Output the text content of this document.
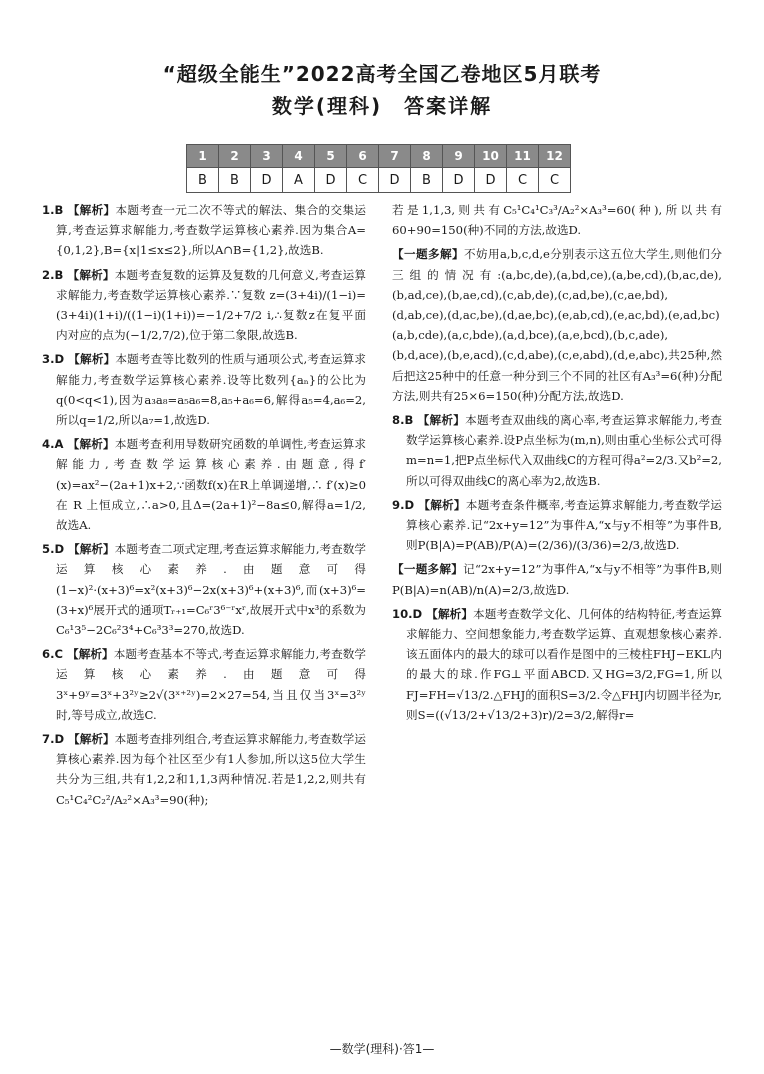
“超级全能生”2022高考全国乙卷地区5月联考
数学(理科)　答案详解
1	2	3	4	5	6	7	8	9	10	11	12
B	B	D	A	D	C	D	B	D	D	C	C
1.B 【解析】本题考查一元二次不等式的解法、集合的交集运算,考查运算求解能力,考查数学运算核心素养.因为集合A={0,1,2},B={x|1≤x≤2},所以A∩B={1,2},故选B.
2.B 【解析】本题考查复数的运算及复数的几何意义,考查运算求解能力,考查数学运算核心素养.∵复数 z=(3+4i)/(1−i)=(3+4i)(1+i)/((1−i)(1+i))=−1/2+7/2 i,∴复数z在复平面内对应的点为(−1/2,7/2),位于第二象限,故选B.
3.D 【解析】本题考查等比数列的性质与通项公式,考查运算求解能力,考查数学运算核心素养.设等比数列{aₙ}的公比为q(0<q<1),因为a₃a₈=a₅a₆=8,a₅+a₆=6,解得a₅=4,a₆=2,所以q=1/2,所以a₇=1,故选D.
4.A 【解析】本题考查利用导数研究函数的单调性,考查运算求解能力,考查数学运算核心素养.由题意,得f′(x)=ax²−(2a+1)x+2,∵函数f(x)在R上单调递增,∴ f′(x)≥0 在 R 上恒成立,∴a>0,且Δ=(2a+1)²−8a≤0,解得a=1/2,故选A.
5.D 【解析】本题考查二项式定理,考查运算求解能力,考查数学运算核心素养.由题意可得(1−x)²·(x+3)⁶=x²(x+3)⁶−2x(x+3)⁶+(x+3)⁶,而(x+3)⁶=(3+x)⁶展开式的通项Tᵣ₊₁=C₆ʳ3⁶⁻ʳxʳ,故展开式中x³的系数为C₆¹3⁵−2C₆²3⁴+C₆³3³=270,故选D.
6.C 【解析】本题考查基本不等式,考查运算求解能力,考查数学运算核心素养.由题意可得3ˣ+9ʸ=3ˣ+3²ʸ≥2√(3ˣ⁺²ʸ)=2×27=54,当且仅当3ˣ=3²ʸ时,等号成立,故选C.
7.D 【解析】本题考查排列组合,考查运算求解能力,考查数学运算核心素养.因为每个社区至少有1人参加,所以这5位大学生共分为三组,共有1,2,2和1,1,3两种情况.若是1,2,2,则共有C₅¹C₄²C₂²/A₂²×A₃³=90(种);
若是1,1,3,则共有C₅¹C₄¹C₃³/A₂²×A₃³=60(种),所以共有60+90=150(种)不同的方法,故选D.
【一题多解】不妨用a,b,c,d,e分别表示这五位大学生,则他们分三组的情况有:(a,bc,de),(a,bd,ce),(a,be,cd),(b,ac,de),(b,ad,ce),(b,ae,cd),(c,ab,de),(c,ad,be),(c,ae,bd),(d,ab,ce),(d,ac,be),(d,ae,bc),(e,ab,cd),(e,ac,bd),(e,ad,bc)(a,b,cde),(a,c,bde),(a,d,bce),(a,e,bcd),(b,c,ade),(b,d,ace),(b,e,acd),(c,d,abe),(c,e,abd),(d,e,abc),共25种,然后把这25种中的任意一种分到三个不同的社区有A₃³=6(种)分配方法,则共有25×6=150(种)分配方法,故选D.
8.B 【解析】本题考查双曲线的离心率,考查运算求解能力,考查数学运算核心素养.设P点坐标为(m,n),则由重心坐标公式可得m=n=1,把P点坐标代入双曲线C的方程可得a²=2/3.又b²=2,所以可得双曲线C的离心率为2,故选B.
9.D 【解析】本题考查条件概率,考查运算求解能力,考查数学运算核心素养.记“2x+y=12”为事件A,“x与y不相等”为事件B,则P(B|A)=P(AB)/P(A)=(2/36)/(3/36)=2/3,故选D.
【一题多解】记“2x+y=12”为事件A,“x与y不相等”为事件B,则P(B|A)=n(AB)/n(A)=2/3,故选D.
10.D 【解析】本题考查数学文化、几何体的结构特征,考查运算求解能力、空间想象能力,考查数学运算、直观想象核心素养.该五面体内的最大的球可以看作是图中的三棱柱FHJ−EKL内的最大的球.作FG⊥平面ABCD.又HG=3/2,FG=1,所以FJ=FH=√13/2.△FHJ的面积S=3/2.令△FHJ内切圆半径为r,则S=((√13/2+√13/2+3)r)/2=3/2,解得r=
—数学(理科)·答1—
